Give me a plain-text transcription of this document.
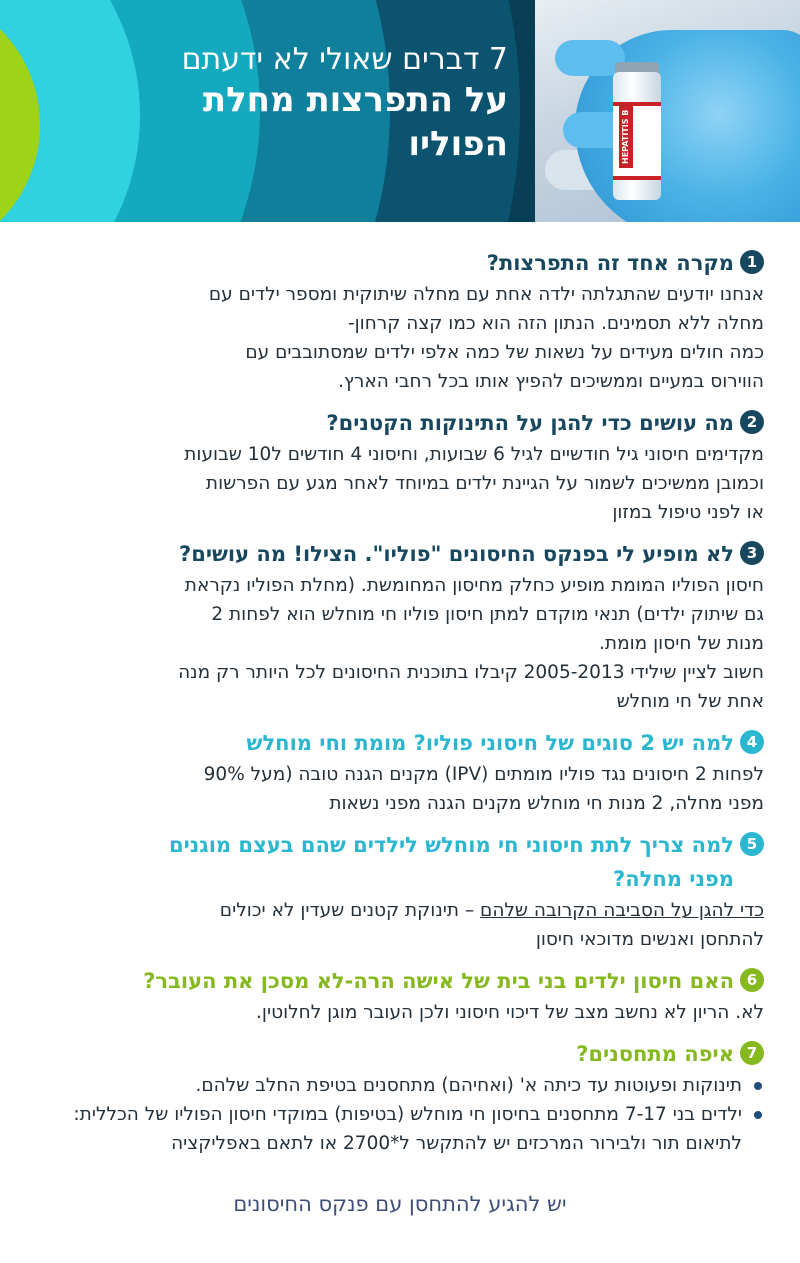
7 דברים שאולי לא ידעתם

על התפרצות מחלת

הפוליו	HEPATITIS B
1

מקרה אחד זה התפרצות?

אנחנו יודעים שהתגלתה ילדה אחת עם מחלה שיתוקית ומספר ילדים עם

מחלה ללא תסמינים. הנתון הזה הוא כמו קצה קרחון-

כמה חולים מעידים על נשאות של כמה אלפי ילדים שמסתובבים עם

הווירוס במעיים וממשיכים להפיץ אותו בכל רחבי הארץ.

2

מה עושים כדי להגן על התינוקות הקטנים?

מקדימים חיסוני גיל חודשיים לגיל 6 שבועות, וחיסוני 4 חודשים ל10 שבועות

וכמובן ממשיכים לשמור על הגיינת ילדים במיוחד לאחר מגע עם הפרשות

או לפני טיפול במזון

3

לא מופיע לי בפנקס החיסונים "פוליו". הצילו! מה עושים?

חיסון הפוליו המומת מופיע כחלק מחיסון המחומשת. (מחלת הפוליו נקראת

גם שיתוק ילדים) תנאי מוקדם למתן חיסון פוליו חי מוחלש הוא לפחות 2

מנות של חיסון מומת.

חשוב לציין שילידי 2005-2013 קיבלו בתוכנית החיסונים לכל היותר רק מנה

אחת של חי מוחלש

4

למה יש 2 סוגים של חיסוני פוליו? מומת וחי מוחלש

לפחות 2 חיסונים נגד פוליו מומתים (IPV) מקנים הגנה טובה (מעל 90%

מפני מחלה, 2 מנות חי מוחלש מקנים הגנה מפני נשאות

5

למה צריך לתת חיסוני חי מוחלש לילדים שהם בעצם מוגנים

מפני מחלה?

כדי להגן על הסביבה הקרובה שלהם – תינוקת קטנים שעדין לא יכולים

להתחסן ואנשים מדוכאי חיסון

6

האם חיסון ילדים בני בית של אישה הרה-לא מסכן את העובר?

לא. הריון לא נחשב מצב של דיכוי חיסוני ולכן העובר מוגן לחלוטין.

7

איפה מתחסנים?

תינוקות ופעוטות עד כיתה א' (ואחיהם) מתחסנים בטיפת החלב שלהם.
ילדים בני 7-17 מתחסנים בחיסון חי מוחלש (בטיפות) במוקדי חיסון הפוליו של הכללית: לתיאום תור ולבירור המרכזים יש להתקשר ל*2700 או לתאם באפליקציה
יש להגיע להתחסן עם פנקס החיסונים
